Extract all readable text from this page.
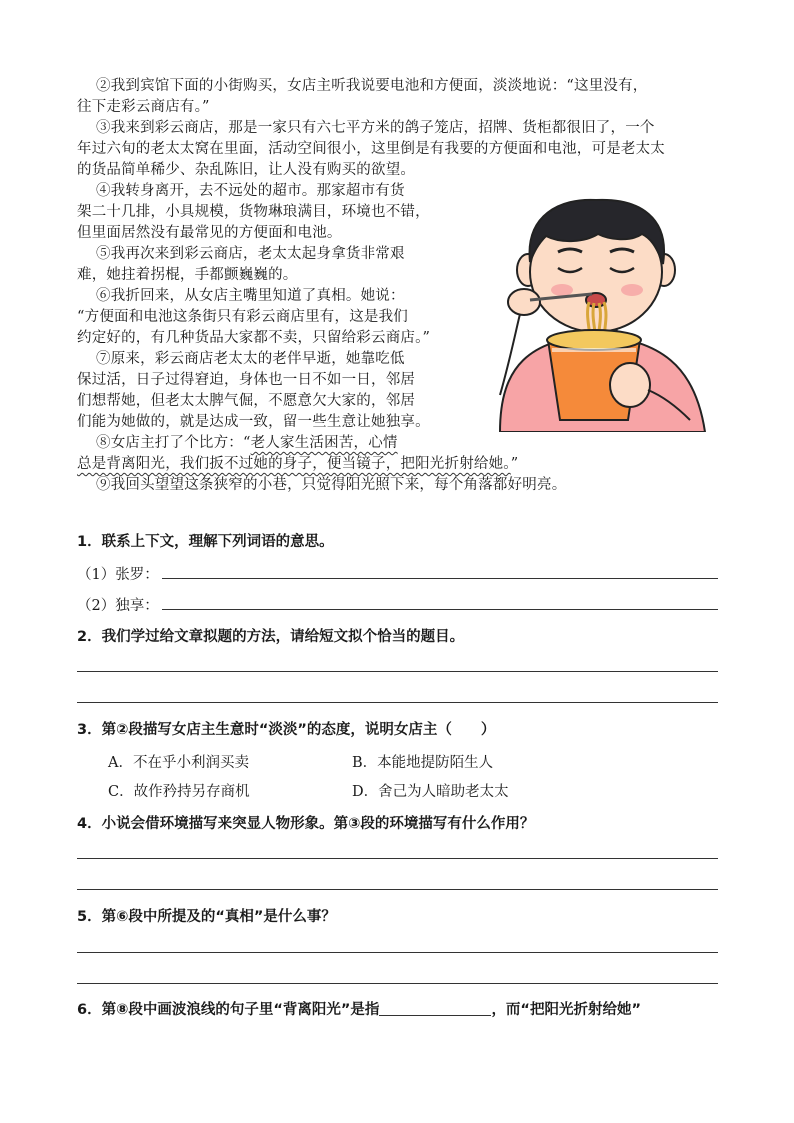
②我到宾馆下面的小街购买，女店主听我说要电池和方便面，淡淡地说：“这里没有，

往下走彩云商店有。”

③我来到彩云商店，那是一家只有六七平方米的鸽子笼店，招牌、货柜都很旧了，一个

年过六旬的老太太窝在里面，活动空间很小，这里倒是有我要的方便面和电池，可是老太太

的货品简单稀少、杂乱陈旧，让人没有购买的欲望。

④我转身离开，去不远处的超市。那家超市有货

架二十几排，小具规模，货物琳琅满目，环境也不错，

但里面居然没有最常见的方便面和电池。

⑤我再次来到彩云商店，老太太起身拿货非常艰

难，她拄着拐棍，手都颤巍巍的。

⑥我折回来，从女店主嘴里知道了真相。她说：

“方便面和电池这条街只有彩云商店里有，这是我们

约定好的，有几种货品大家都不卖，只留给彩云商店。”

⑦原来，彩云商店老太太的老伴早逝，她靠吃低

保过活，日子过得窘迫，身体也一日不如一日，邻居

们想帮她，但老太太脾气倔，不愿意欠大家的，邻居

们能为她做的，就是达成一致，留一些生意让她独享。

⑧女店主打了个比方：“老人家生活困苦，心情

总是背离阳光，我们扳不过她的身子，便当镜子，把阳光折射给她。”

⑨我回头望望这条狭窄的小巷，只觉得阳光照下来，每个角落都好明亮。

1．联系上下文，理解下列词语的意思。
（1）张罗：
（2）独享：
2．我们学过给文章拟题的方法，请给短文拟个恰当的题目。
3．第②段描写女店主生意时“淡淡”的态度，说明女店主（　　）
A．不在乎小利润买卖	B．本能地提防陌生人
C．故作矜持另存商机	D．舍己为人暗助老太太
4．小说会借环境描写来突显人物形象。第③段的环境描写有什么作用？
5．第⑥段中所提及的“真相”是什么事？
6．第⑧段中画波浪线的句子里“背离阳光”是指	，而“把阳光折射给她”
